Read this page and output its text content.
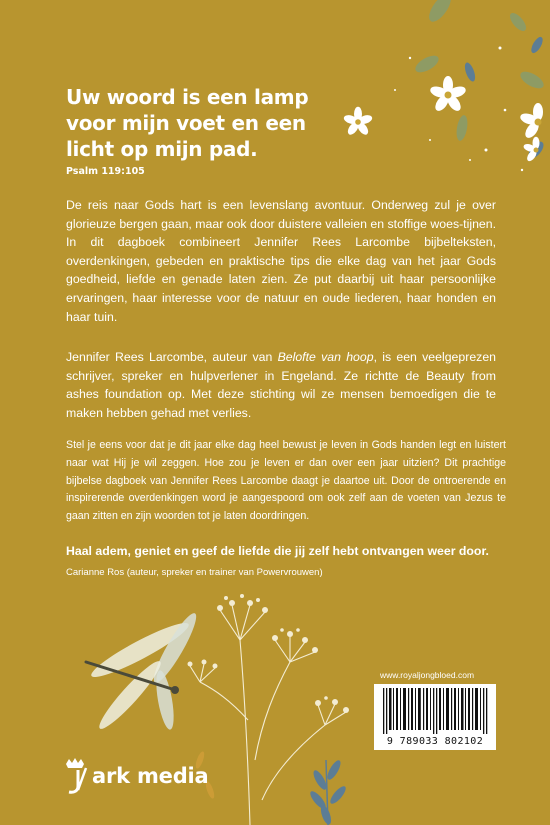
Uw woord is een lamp
voor mijn voet en een
licht op mijn pad.
Psalm 119:105

De reis naar Gods hart is een levenslang avontuur. Onderweg zul je over glorieuze bergen gaan, maar ook door duistere valleien en stoffige woes-tijnen. In dit dagboek combineert Jennifer Rees Larcombe bijbelteksten, overdenkingen, gebeden en praktische tips die elke dag van het jaar Gods goedheid, liefde en genade laten zien. Ze put daarbij uit haar persoonlijke ervaringen, haar interesse voor de natuur en oude liederen, haar honden en haar tuin.

Jennifer Rees Larcombe, auteur van Belofte van hoop, is een veelgeprezen schrijver, spreker en hulpverlener in Engeland. Ze richtte de Beauty from ashes foundation op. Met deze stichting wil ze mensen bemoedigen die te maken hebben gehad met verlies.

Stel je eens voor dat je dit jaar elke dag heel bewust je leven in Gods handen legt en luistert naar wat Hij je wil zeggen. Hoe zou je leven er dan over een jaar uitzien? Dit prachtige bijbelse dagboek van Jennifer Rees Larcombe daagt je daartoe uit. Door de ontroerende en inspirerende overdenkingen word je aangespoord om ook zelf aan de voeten van Jezus te gaan zitten en zijn woorden tot je laten doordringen.

Haal adem, geniet en geef de liefde die jij zelf hebt ontvangen weer door.

Carianne Ros (auteur, spreker en trainer van Powervrouwen)
www.royaljongbloed.com
9 789033 802102
ark media
